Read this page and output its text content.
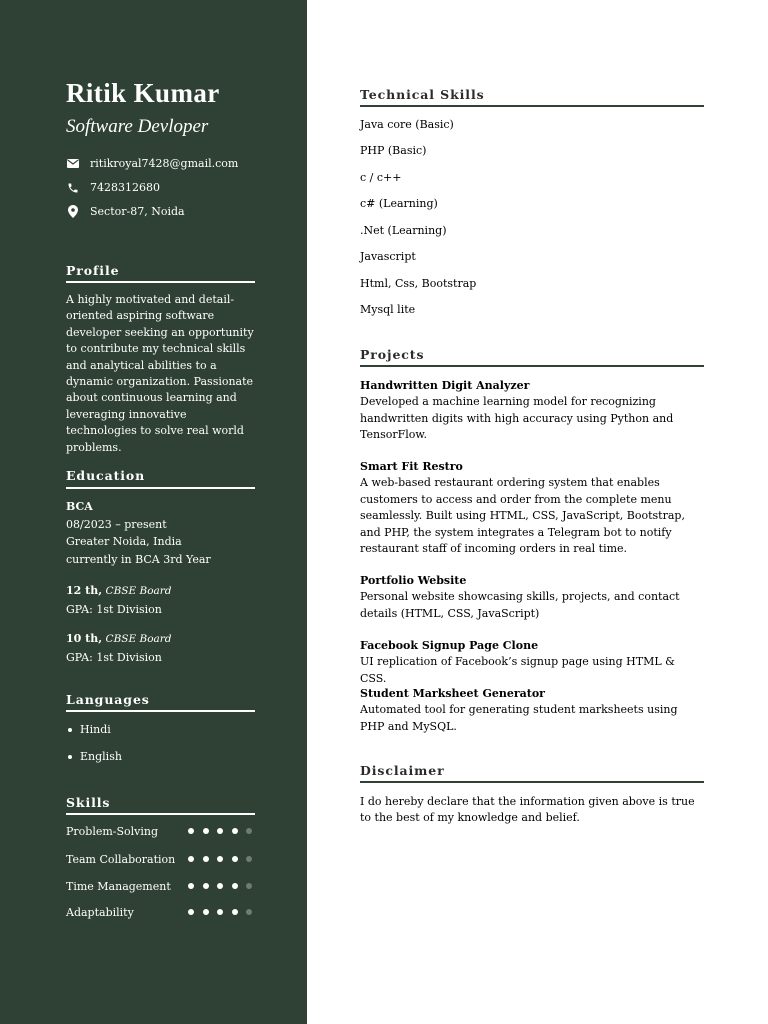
Ritik Kumar
Software Devloper
ritikroyal7428@gmail.com
7428312680
Sector-87, Noida
Profile
A highly motivated and detail-oriented aspiring software developer seeking an opportunity to contribute my technical skills and analytical abilities to a dynamic organization. Passionate about continuous learning and leveraging innovative technologies to solve real world problems.
Education
BCA
08/2023 – present
Greater Noida, India
currently in BCA 3rd Year
12 th, CBSE Board
GPA: 1st Division
10 th, CBSE Board
GPA: 1st Division
Languages
Hindi
English
Skills
Problem-Solving
Team Collaboration
Time Management
Adaptability
Technical Skills
Java core (Basic)
PHP (Basic)
c / c++
c# (Learning)
.Net (Learning)
Javascript
Html, Css, Bootstrap
Mysql lite
Projects
Handwritten Digit Analyzer
Developed a machine learning model for recognizing handwritten digits with high accuracy using Python and TensorFlow.
Smart Fit Restro
A web-based restaurant ordering system that enables customers to access and order from the complete menu seamlessly. Built using HTML, CSS, JavaScript, Bootstrap, and PHP, the system integrates a Telegram bot to notify restaurant staff of incoming orders in real time.
Portfolio Website
Personal website showcasing skills, projects, and contact details (HTML, CSS, JavaScript)
Facebook Signup Page Clone
UI replication of Facebook’s signup page using HTML & CSS.
Student Marksheet Generator
Automated tool for generating student marksheets using PHP and MySQL.
Disclaimer
I do hereby declare that the information given above is true to the best of my knowledge and belief.
